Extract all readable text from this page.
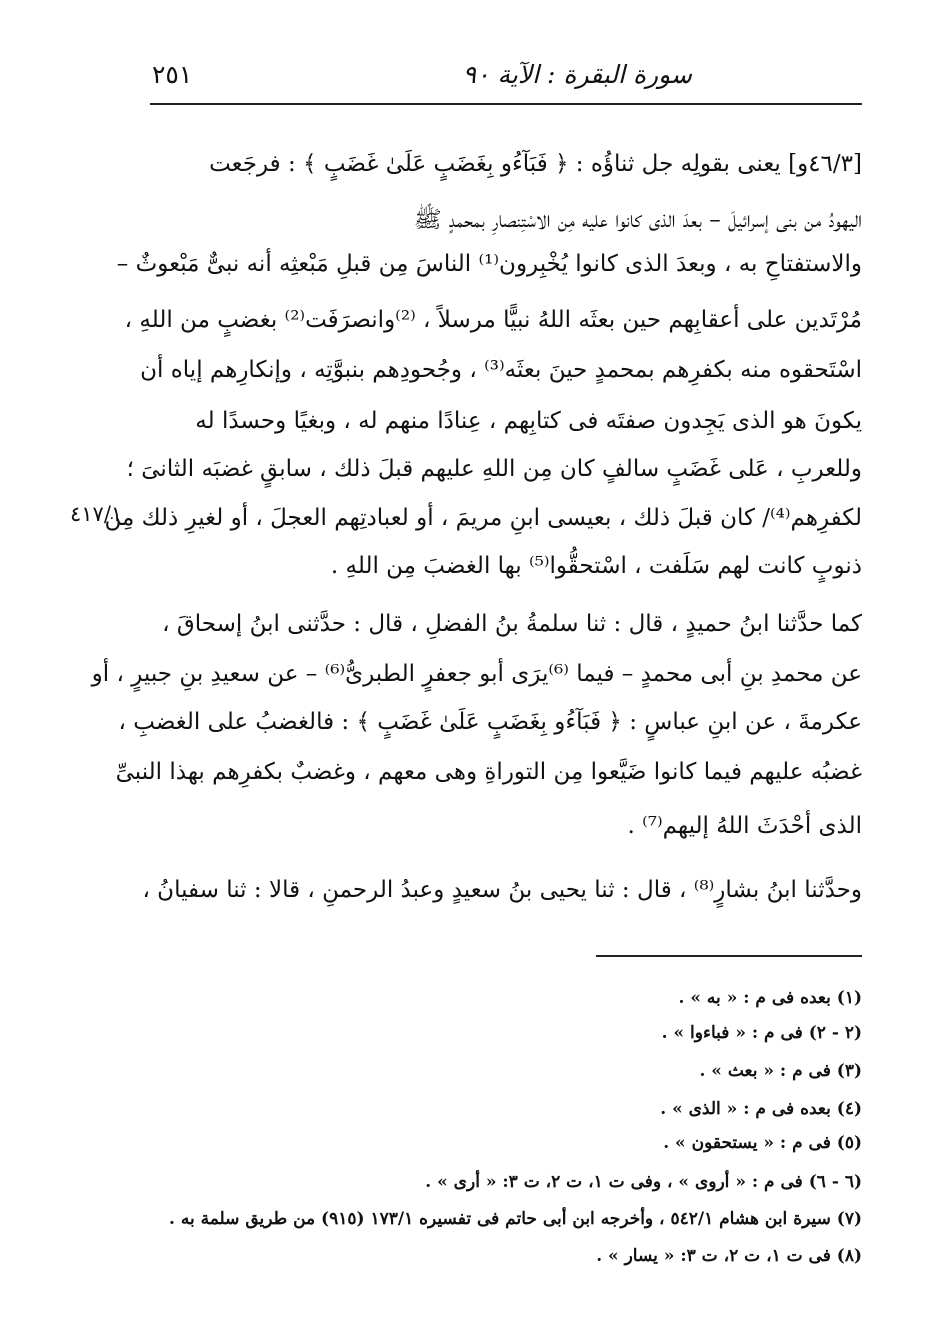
سورة البقرة : الآية ٩٠
٢٥١
٤١٧/١
[٤٦/٣و] يعنى بقولِه جل ثناؤُه : ﴿ فَبَآءُو بِغَضَبٍ عَلَىٰ غَضَبٍ ﴾ : فرجَعت
اليهودُ من بنى إسرائيلَ – بعدَ الذى كانوا عليه مِن الاسْتِنصارِ بمحمدٍ ﷺ
والاستفتاحِ به ، وبعدَ الذى كانوا يُخْبِرون⁽¹⁾ الناسَ مِن قبلِ مَبْعثِه أنه نبىٌّ مَبْعوثٌ –
مُرْتَدين على أعقابِهم حين بعثَه اللهُ نبيًّا مرسلاً ، ⁽²⁾وانصرَفَت⁽²⁾ بغضبٍ من اللهِ ،
اسْتَحقوه منه بكفرِهم بمحمدٍ حينَ بعثَه⁽³⁾ ، وجُحودِهم بنبوَّتِه ، وإنكارِهم إياه أن
يكونَ هو الذى يَجِدون صفتَه فى كتابِهم ، عِنادًا منهم له ، وبغيًا وحسدًا له
وللعربِ ، عَلى غَضَبٍ سالفٍ كان مِن اللهِ عليهم قبلَ ذلك ، سابقٍ غضبَه الثانىَ ؛
لكفرِهم⁽⁴⁾/ كان قبلَ ذلك ، بعيسى ابنِ مريمَ ، أو لعبادتِهم العجلَ ، أو لغيرِ ذلك مِن
ذنوبٍ كانت لهم سَلَفت ، اسْتحقُّوا⁽⁵⁾ بها الغضبَ مِن اللهِ .
كما حدَّثنا ابنُ حميدٍ ، قال : ثنا سلمةُ بنُ الفضلِ ، قال : حدَّثنى ابنُ إسحاقَ ،
عن محمدِ بنِ أبى محمدٍ – فيما ⁽⁶⁾يرَى أبو جعفرٍ الطبرىُّ⁽⁶⁾ – عن سعيدِ بنِ جبيرٍ ، أو
عكرمةَ ، عن ابنِ عباسٍ : ﴿ فَبَآءُو بِغَضَبٍ عَلَىٰ غَضَبٍ ﴾ : فالغضبُ على الغضبِ ،
غضبُه عليهم فيما كانوا ضَيَّعوا مِن التوراةِ وهى معهم ، وغضبٌ بكفرِهم بهذا النبىِّ
الذى أحْدَثَ اللهُ إليهم⁽⁷⁾ .
وحدَّثنا ابنُ بشارٍ⁽⁸⁾ ، قال : ثنا يحيى بنُ سعيدٍ وعبدُ الرحمنِ ، قالا : ثنا سفيانُ ،
(١) بعده فى م : « به » .
(٢ - ٢) فى م : « فباءوا » .
(٣) فى م : « بعث » .
(٤) بعده فى م : « الذى » .
(٥) فى م : « يستحقون » .
(٦ - ٦) فى م : « أروى » ، وفى ت ١، ت ٢، ت ٣: « أرى » .
(٧) سيرة ابن هشام ٥٤٢/١ ، وأخرجه ابن أبى حاتم فى تفسيره ١٧٣/١ (٩١٥) من طريق سلمة به .
(٨) فى ت ١، ت ٢، ت ٣: « يسار » .
